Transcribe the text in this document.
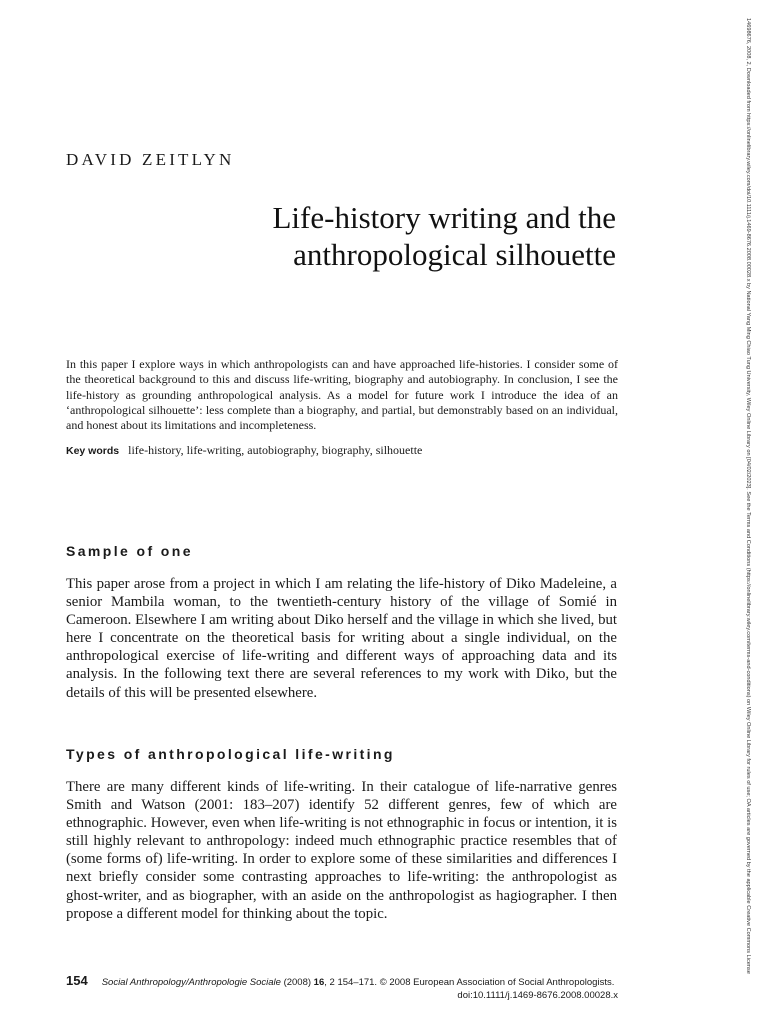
14698676, 2008, 2, Downloaded from https://onlinelibrary.wiley.com/doi/10.1111/j.1469-8676.2008.00028.x by National Yang Ming Chiao Tung University, Wiley Online Library on [04/02/2023]. See the Terms and Conditions (https://onlinelibrary.wiley.com/terms-and-conditions) on Wiley Online Library for rules of use; OA articles are governed by the applicable Creative Commons License
DAVID ZEITLYN
Life-history writing and the
anthropological silhouette
In this paper I explore ways in which anthropologists can and have approached life-histories. I consider some of the theoretical background to this and discuss life-writing, biography and autobiography. In conclusion, I see the life-history as grounding anthropological analysis. As a model for future work I introduce the idea of an ‘anthropological silhouette’: less complete than a biography, and partial, but demonstrably based on an individual, and honest about its limitations and incompleteness.
Key words life-history, life-writing, autobiography, biography, silhouette
Sample of one
This paper arose from a project in which I am relating the life-history of Diko Madeleine, a senior Mambila woman, to the twentieth-century history of the village of Somié in Cameroon. Elsewhere I am writing about Diko herself and the village in which she lived, but here I concentrate on the theoretical basis for writing about a single individual, on the anthropological exercise of life-writing and different ways of approaching data and its analysis. In the following text there are several references to my work with Diko, but the details of this will be presented elsewhere.
Types of anthropological life-writing
There are many different kinds of life-writing. In their catalogue of life-narrative genres Smith and Watson (2001: 183–207) identify 52 different genres, few of which are ethnographic. However, even when life-writing is not ethnographic in focus or intention, it is still highly relevant to anthropology: indeed much ethnographic practice resembles that of (some forms of) life-writing. In order to explore some of these similarities and differences I next briefly consider some contrasting approaches to life-writing: the anthropologist as ghost-writer, and as biographer, with an aside on the anthropologist as hagiographer. I then propose a different model for thinking about the topic.
154 Social Anthropology/Anthropologie Sociale (2008) 16, 2 154–171. © 2008 European Association of Social Anthropologists.
doi:10.1111/j.1469-8676.2008.00028.x
